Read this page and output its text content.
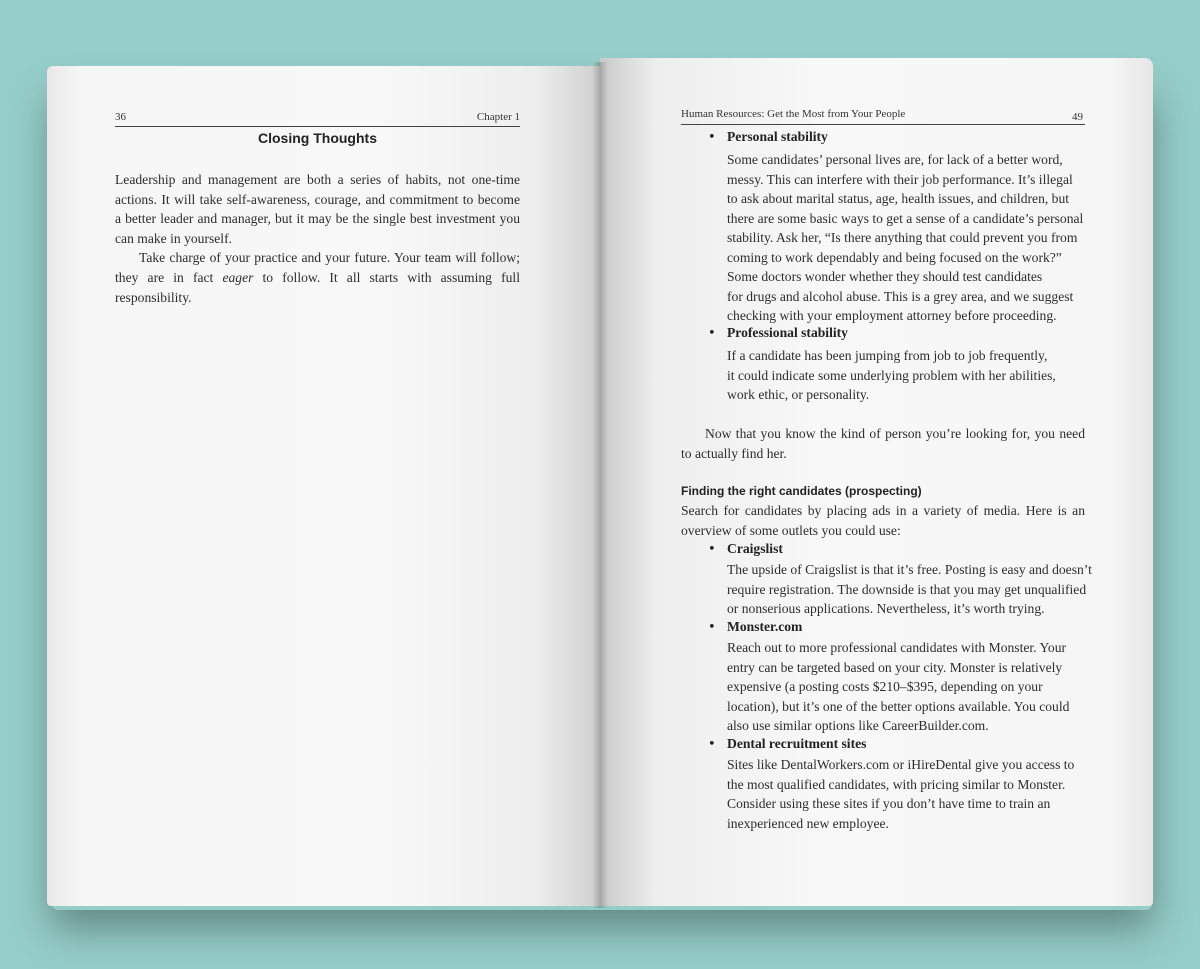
36	Chapter 1
Closing Thoughts

Leadership and management are both a series of habits, not one-time actions. It will take self-awareness, courage, and commitment to become a better leader and manager, but it may be the single best investment you can make in yourself.

Take charge of your practice and your future. Your team will follow; they are in fact eager to follow. It all starts with assuming full responsibility.

Human Resources: Get the Most from Your People	49
• Personal stability
Some candidates’ personal lives are, for lack of a better word,
messy. This can interfere with their job performance. It’s illegal
to ask about marital status, age, health issues, and children, but
there are some basic ways to get a sense of a candidate’s personal
stability. Ask her, “Is there anything that could prevent you from
coming to work dependably and being focused on the work?”
Some doctors wonder whether they should test candidates
for drugs and alcohol abuse. This is a grey area, and we suggest
checking with your employment attorney before proceeding.
• Professional stability
If a candidate has been jumping from job to job frequently,
it could indicate some underlying problem with her abilities,
work ethic, or personality.
Now that you know the kind of person you’re looking for, you need to actually find her.
Finding the right candidates (prospecting)
Search for candidates by placing ads in a variety of media. Here is an overview of some outlets you could use:
• Craigslist
The upside of Craigslist is that it’s free. Posting is easy and doesn’t
require registration. The downside is that you may get unqualified
or nonserious applications. Nevertheless, it’s worth trying.
• Monster.com
Reach out to more professional candidates with Monster. Your
entry can be targeted based on your city. Monster is relatively
expensive (a posting costs $210–$395, depending on your
location), but it’s one of the better options available. You could
also use similar options like CareerBuilder.com.
• Dental recruitment sites
Sites like DentalWorkers.com or iHireDental give you access to
the most qualified candidates, with pricing similar to Monster.
Consider using these sites if you don’t have time to train an
inexperienced new employee.
